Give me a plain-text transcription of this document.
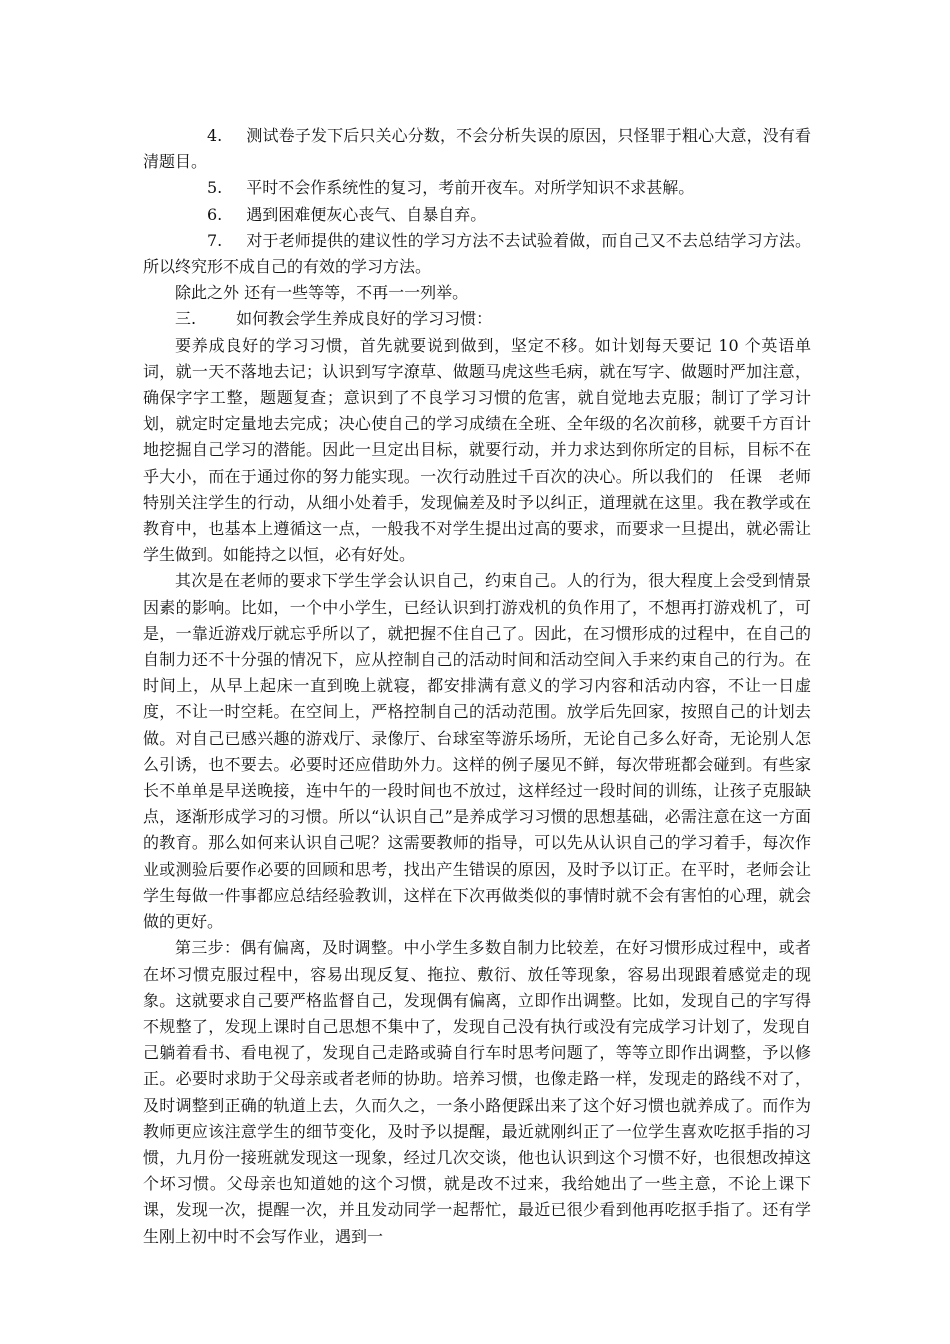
4. 测试卷子发下后只关心分数，不会分析失误的原因，只怪罪于粗心大意，没有看清题目。

5. 平时不会作系统性的复习，考前开夜车。对所学知识不求甚解。

6. 遇到困难便灰心丧气、自暴自弃。

7. 对于老师提供的建议性的学习方法不去试验着做，而自己又不去总结学习方法。所以终究形不成自己的有效的学习方法。

除此之外 还有一些等等，不再一一列举。

三.	如何教会学生养成良好的学习习惯：

要养成良好的学习习惯，首先就要说到做到，坚定不移。如计划每天要记 10 个英语单词，就一天不落地去记；认识到写字潦草、做题马虎这些毛病，就在写字、做题时严加注意，确保字字工整，题题复查；意识到了不良学习习惯的危害，就自觉地去克服；制订了学习计划，就定时定量地去完成；决心使自己的学习成绩在全班、全年级的名次前移，就要千方百计地挖掘自己学习的潜能。因此一旦定出目标，就要行动，并力求达到你所定的目标，目标不在乎大小，而在于通过你的努力能实现。一次行动胜过千百次的决心。所以我们的　任课　老师特别关注学生的行动，从细小处着手，发现偏差及时予以纠正，道理就在这里。我在教学或在教育中，也基本上遵循这一点，一般我不对学生提出过高的要求，而要求一旦提出，就必需让学生做到。如能持之以恒，必有好处。

其次是在老师的要求下学生学会认识自己，约束自己。人的行为，很大程度上会受到情景因素的影响。比如，一个中小学生，已经认识到打游戏机的负作用了，不想再打游戏机了，可是，一靠近游戏厅就忘乎所以了，就把握不住自己了。因此，在习惯形成的过程中，在自己的自制力还不十分强的情况下，应从控制自己的活动时间和活动空间入手来约束自己的行为。在时间上，从早上起床一直到晚上就寝，都安排满有意义的学习内容和活动内容，不让一日虚度，不让一时空耗。在空间上，严格控制自己的活动范围。放学后先回家，按照自己的计划去做。对自己已感兴趣的游戏厅、录像厅、台球室等游乐场所，无论自己多么好奇，无论别人怎么引诱，也不要去。必要时还应借助外力。这样的例子屡见不鲜，每次带班都会碰到。有些家长不单单是早送晚接，连中午的一段时间也不放过，这样经过一段时间的训练，让孩子克服缺点，逐渐形成学习的习惯。所以“认识自己”是养成学习习惯的思想基础，必需注意在这一方面的教育。那么如何来认识自己呢？这需要教师的指导，可以先从认识自己的学习着手，每次作业或测验后要作必要的回顾和思考，找出产生错误的原因，及时予以订正。在平时，老师会让学生每做一件事都应总结经验教训，这样在下次再做类似的事情时就不会有害怕的心理，就会做的更好。

第三步：偶有偏离，及时调整。中小学生多数自制力比较差，在好习惯形成过程中，或者在坏习惯克服过程中，容易出现反复、拖拉、敷衍、放任等现象，容易出现跟着感觉走的现象。这就要求自己要严格监督自己，发现偶有偏离，立即作出调整。比如，发现自己的字写得不规整了，发现上课时自己思想不集中了，发现自己没有执行或没有完成学习计划了，发现自己躺着看书、看电视了，发现自己走路或骑自行车时思考问题了，等等立即作出调整，予以修正。必要时求助于父母亲或者老师的协助。培养习惯，也像走路一样，发现走的路线不对了，及时调整到正确的轨道上去，久而久之，一条小路便踩出来了这个好习惯也就养成了。而作为教师更应该注意学生的细节变化，及时予以提醒，最近就刚纠正了一位学生喜欢吃抠手指的习惯，九月份一接班就发现这一现象，经过几次交谈，他也认识到这个习惯不好，也很想改掉这个坏习惯。父母亲也知道她的这个习惯，就是改不过来，我给她出了一些主意，不论上课下课，发现一次，提醒一次，并且发动同学一起帮忙，最近已很少看到他再吃抠手指了。还有学生刚上初中时不会写作业，遇到一
